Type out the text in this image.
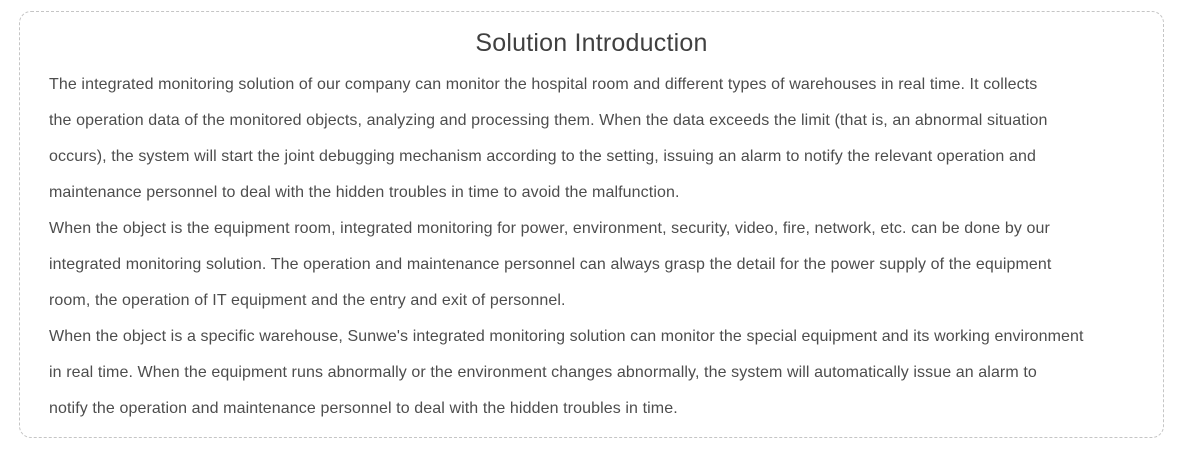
Solution Introduction
The integrated monitoring solution of our company can monitor the hospital room and different types of warehouses in real time. It collects
the operation data of the monitored objects, analyzing and processing them. When the data exceeds the limit (that is, an abnormal situation
occurs), the system will start the joint debugging mechanism according to the setting, issuing an alarm to notify the relevant operation and
maintenance personnel to deal with the hidden troubles in time to avoid the malfunction.
When the object is the equipment room, integrated monitoring for power, environment, security, video, fire, network, etc. can be done by our
integrated monitoring solution. The operation and maintenance personnel can always grasp the detail for the power supply of the equipment
room, the operation of IT equipment and the entry and exit of personnel.
When the object is a specific warehouse, Sunwe's integrated monitoring solution can monitor the special equipment and its working environment
in real time. When the equipment runs abnormally or the environment changes abnormally, the system will automatically issue an alarm to
notify the operation and maintenance personnel to deal with the hidden troubles in time.
